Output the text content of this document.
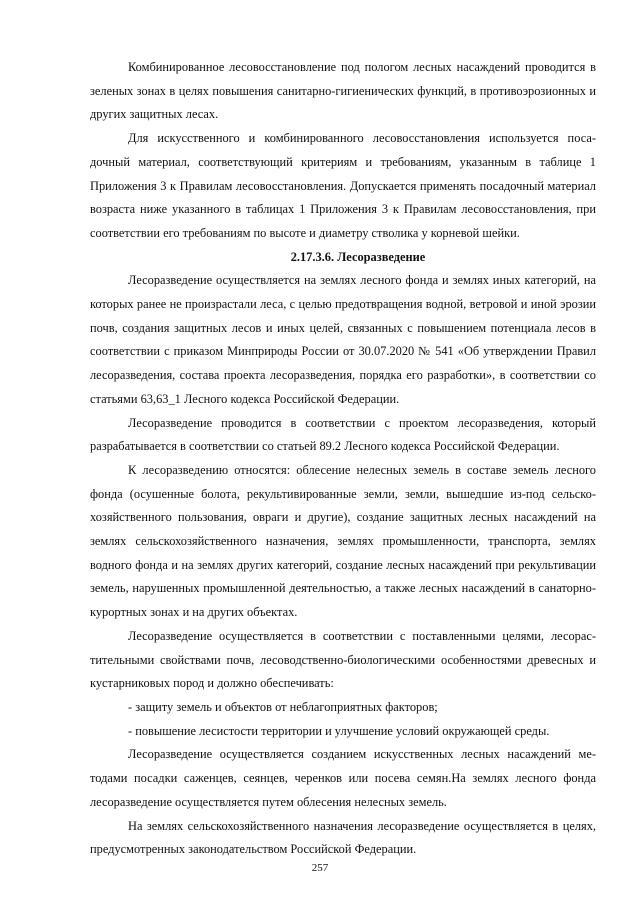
Комбинированное лесовосстановление под пологом лесных насаждений проводится в зеленых зонах в целях повышения санитарно-гигиенических функций, в противоэрозионных и других защитных лесах.

Для искусственного и комбинированного лесовосстановления используется посадочный материал, соответствующий критериям и требованиям, указанным в таблице 1 Приложения 3 к Правилам лесовосстановления. Допускается применять посадочный материал возраста ниже указанного в таблицах 1 Приложения 3 к Правилам лесовосстановления, при соответствии его требованиям по высоте и диаметру стволика у корневой шейки.

2.17.3.6. Лесоразведение

Лесоразведение осуществляется на землях лесного фонда и землях иных категорий, на которых ранее не произрастали леса, с целью предотвращения водной, ветровой и иной эрозии почв, создания защитных лесов и иных целей, связанных с повышением потенциала лесов в соответствии с приказом Минприроды России от 30.07.2020 № 541 «Об утверждении Правил лесоразведения, состава проекта лесоразведения, порядка его разработки», в соответствии со статьями 63,63_1 Лесного кодекса Российской Федерации.

Лесоразведение проводится в соответствии с проектом лесоразведения, который разрабатывается в соответствии со статьей 89.2 Лесного кодекса Российской Федерации.

К лесоразведению относятся: облесение нелесных земель в составе земель лесного фонда (осушенные болота, рекультивированные земли, земли, вышедшие из-под сельскохозяйственного пользования, овраги и другие), создание защитных лесных насаждений на землях сельскохозяйственного назначения, землях промышленности, транспорта, землях водного фонда и на землях других категорий, создание лесных насаждений при рекультивации земель, нарушенных промышленной деятельностью, а также лесных насаждений в санаторно-курортных зонах и на других объектах.

Лесоразведение осуществляется в соответствии с поставленными целями, лесорастительными свойствами почв, лесоводственно-биологическими особенностями древесных и кустарниковых пород и должно обеспечивать:

- защиту земель и объектов от неблагоприятных факторов;

- повышение лесистости территории и улучшение условий окружающей среды.

Лесоразведение осуществляется созданием искусственных лесных насаждений методами посадки саженцев, сеянцев, черенков или посева семян.На землях лесного фонда лесоразведение осуществляется путем облесения нелесных земель.

На землях сельскохозяйственного назначения лесоразведение осуществляется в целях, предусмотренных законодательством Российской Федерации.

257
